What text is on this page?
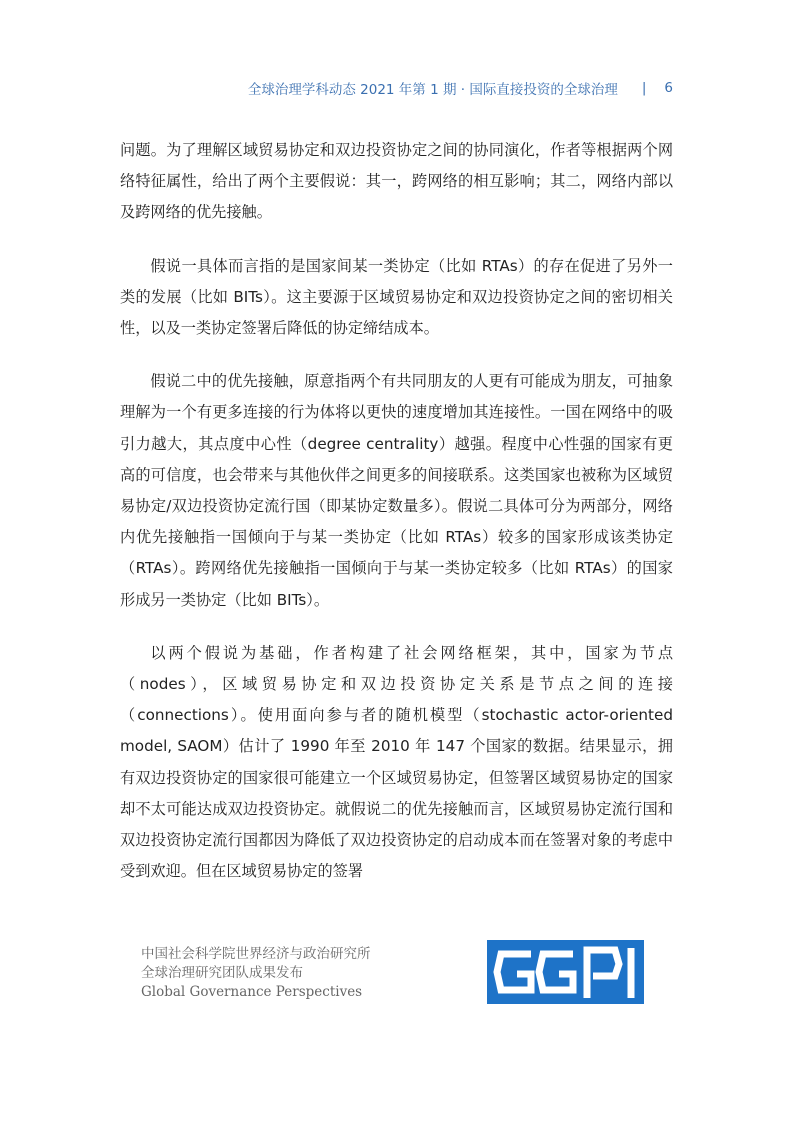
全球治理学科动态 2021 年第 1 期 · 国际直接投资的全球治理 | 6

问题。为了理解区域贸易协定和双边投资协定之间的协同演化，作者等根据两个网络特征属性，给出了两个主要假说：其一，跨网络的相互影响；其二，网络内部以及跨网络的优先接触。

假说一具体而言指的是国家间某一类协定（比如 RTAs）的存在促进了另外一类的发展（比如 BITs）。这主要源于区域贸易协定和双边投资协定之间的密切相关性，以及一类协定签署后降低的协定缔结成本。

假说二中的优先接触，原意指两个有共同朋友的人更有可能成为朋友，可抽象理解为一个有更多连接的行为体将以更快的速度增加其连接性。一国在网络中的吸引力越大，其点度中心性（degree centrality）越强。程度中心性强的国家有更高的可信度，也会带来与其他伙伴之间更多的间接联系。这类国家也被称为区域贸易协定/双边投资协定流行国（即某协定数量多）。假说二具体可分为两部分，网络内优先接触指一国倾向于与某一类协定（比如 RTAs）较多的国家形成该类协定（RTAs）。跨网络优先接触指一国倾向于与某一类协定较多（比如 RTAs）的国家形成另一类协定（比如 BITs）。

以两个假说为基础，作者构建了社会网络框架，其中，国家为节点（nodes），区域贸易协定和双边投资协定关系是节点之间的连接（connections）。使用面向参与者的随机模型（stochastic actor-oriented model, SAOM）估计了 1990 年至 2010 年 147 个国家的数据。结果显示，拥有双边投资协定的国家很可能建立一个区域贸易协定，但签署区域贸易协定的国家却不太可能达成双边投资协定。就假说二的优先接触而言，区域贸易协定流行国和双边投资协定流行国都因为降低了双边投资协定的启动成本而在签署对象的考虑中受到欢迎。但在区域贸易协定的签署

中国社会科学院世界经济与政治研究所
全球治理研究团队成果发布
Global Governance Perspectives
